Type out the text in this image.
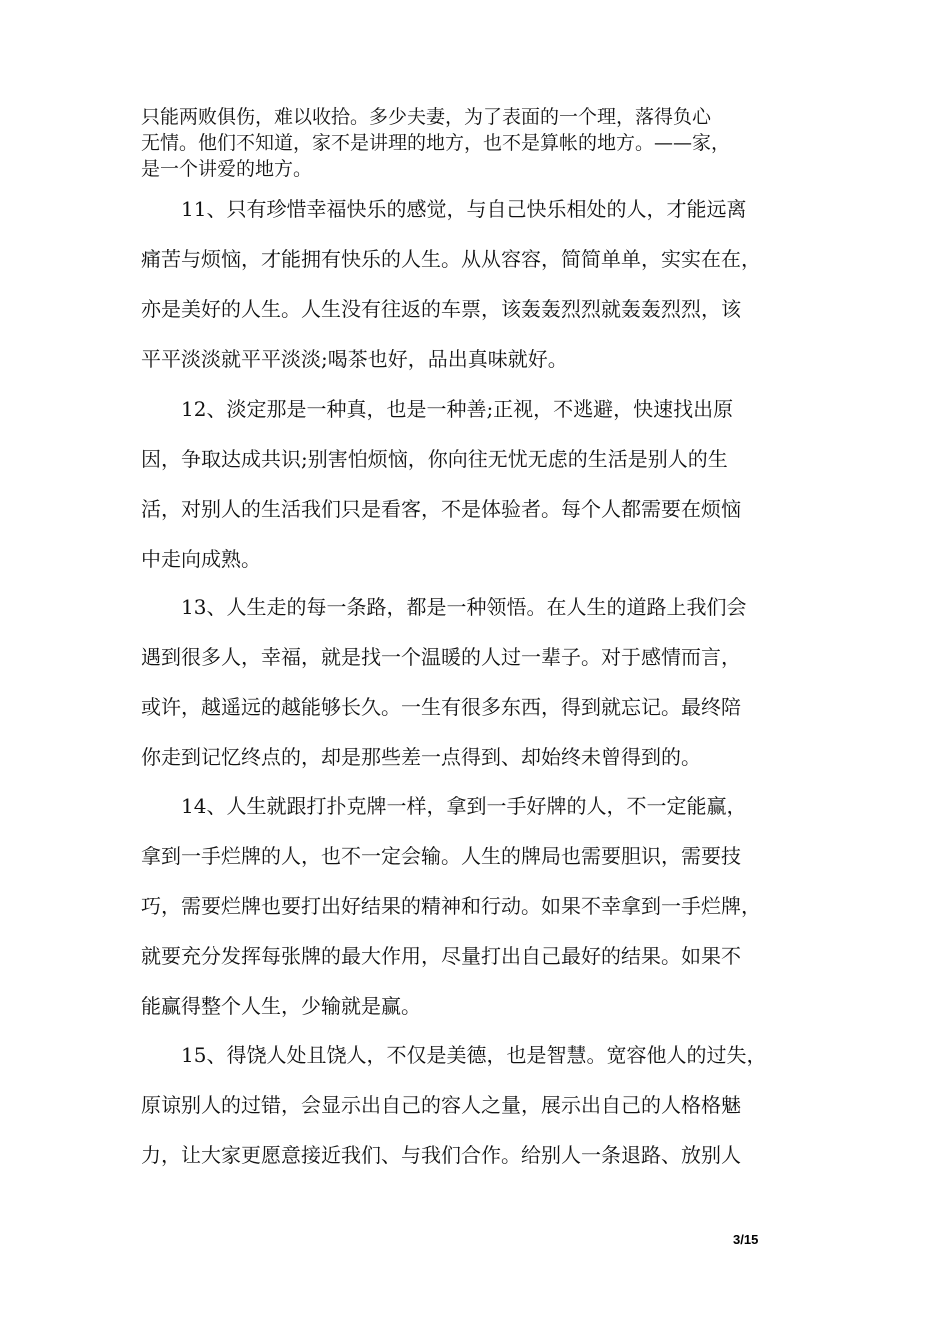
只能两败俱伤，难以收拾。多少夫妻，为了表面的一个理，落得负心

无情。他们不知道，家不是讲理的地方，也不是算帐的地方。——家，

是一个讲爱的地方。

　　11、只有珍惜幸福快乐的感觉，与自己快乐相处的人，才能远离

痛苦与烦恼，才能拥有快乐的人生。从从容容，简简单单，实实在在，

亦是美好的人生。人生没有往返的车票，该轰轰烈烈就轰轰烈烈，该

平平淡淡就平平淡淡;喝茶也好，品出真味就好。

　　12、淡定那是一种真，也是一种善;正视，不逃避，快速找出原

因，争取达成共识;别害怕烦恼，你向往无忧无虑的生活是别人的生

活，对别人的生活我们只是看客，不是体验者。每个人都需要在烦恼

中走向成熟。

　　13、人生走的每一条路，都是一种领悟。在人生的道路上我们会

遇到很多人，幸福，就是找一个温暖的人过一辈子。对于感情而言，

或许，越遥远的越能够长久。一生有很多东西，得到就忘记。最终陪

你走到记忆终点的，却是那些差一点得到、却始终未曾得到的。

　　14、人生就跟打扑克牌一样，拿到一手好牌的人，不一定能赢，

拿到一手烂牌的人，也不一定会输。人生的牌局也需要胆识，需要技

巧，需要烂牌也要打出好结果的精神和行动。如果不幸拿到一手烂牌，

就要充分发挥每张牌的最大作用，尽量打出自己最好的结果。如果不

能赢得整个人生，少输就是赢。

　　15、得饶人处且饶人，不仅是美德，也是智慧。宽容他人的过失，

原谅别人的过错，会显示出自己的容人之量，展示出自己的人格格魅

力，让大家更愿意接近我们、与我们合作。给别人一条退路、放别人

3/15
